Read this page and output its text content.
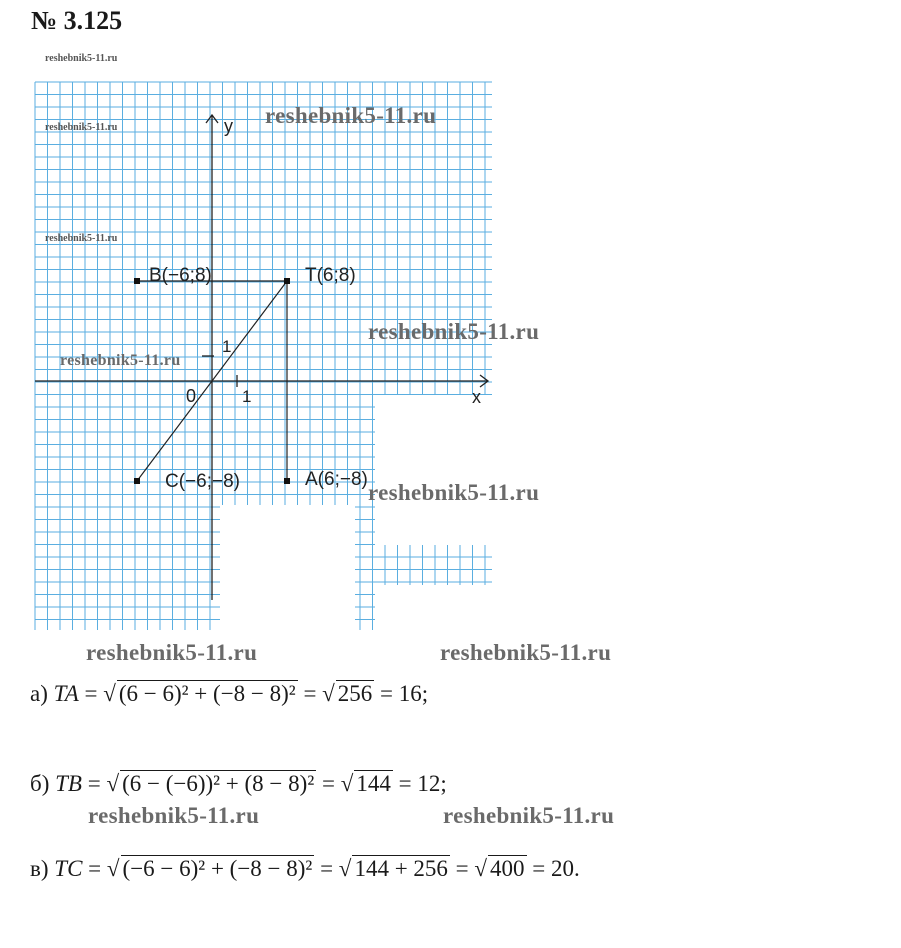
№ 3.125
reshebnik5-11.ru
B(−6;8)	T(6;8)
C(−6;−8)	A(6;−8)
y
x
0	1
1
reshebnik5-11.ru
reshebnik5-11.ru
reshebnik5-11.ru
reshebnik5-11.ru
reshebnik5-11.ru
reshebnik5-11.ru
reshebnik5-11.ru	reshebnik5-11.ru
reshebnik5-11.ru	reshebnik5-11.ru
а) TA = √ (6 − 6)² + (−8 − 8)² = √ 256 = 16;
б) TB = √ (6 − (−6))² + (8 − 8)² = √ 144 = 12;
в) TC = √ (−6 − 6)² + (−8 − 8)² = √ 144 + 256 = √ 400 = 20.
